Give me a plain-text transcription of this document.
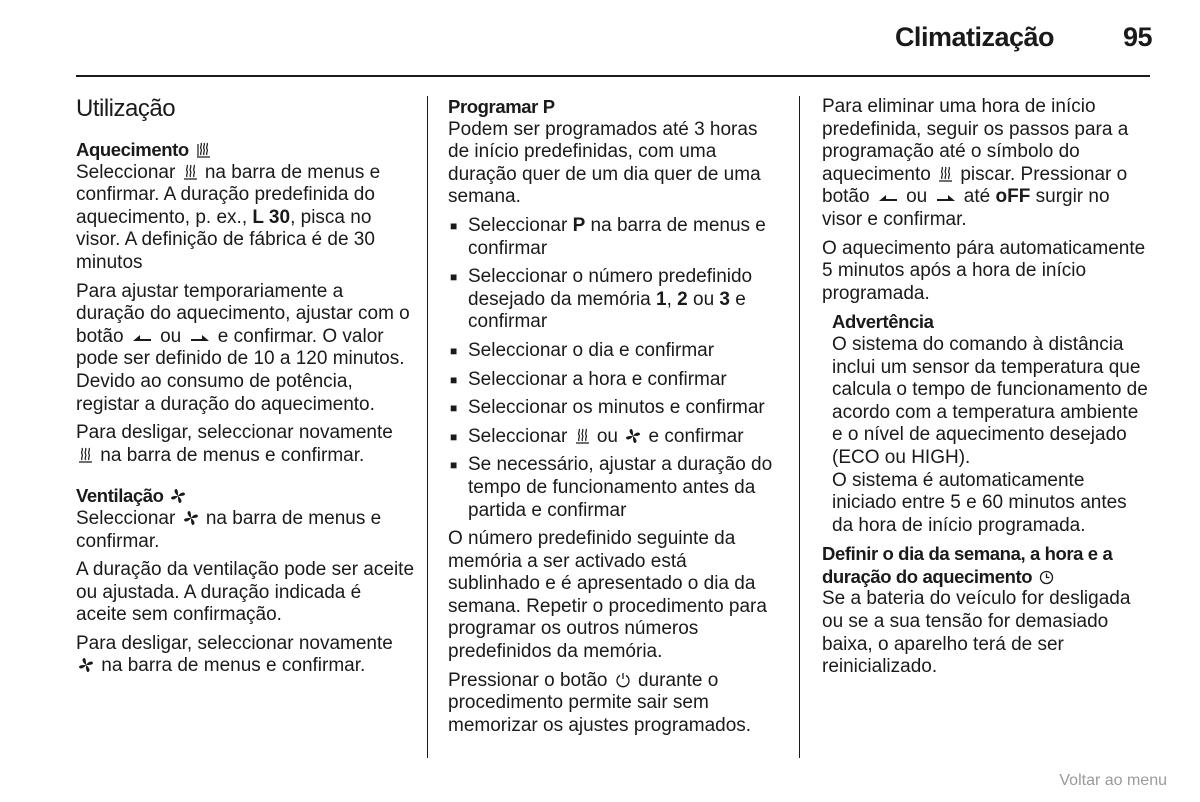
Climatização	95
Utilização
Aquecimento

Seleccionar  na barra de menus e confirmar. A duração predefinida do aquecimento, p. ex., L 30, pisca no visor. A definição de fábrica é de 30 minutos

Para ajustar temporariamente a duração do aquecimento, ajustar com o botão  ou  e confirmar. O valor pode ser definido de 10 a 120 minutos. Devido ao consumo de potência, registar a duração do aquecimento.

Para desligar, seleccionar novamente  na barra de menus e confirmar.

Ventilação

Seleccionar  na barra de menus e confirmar.

A duração da ventilação pode ser aceite ou ajustada. A duração indicada é aceite sem confirmação.

Para desligar, seleccionar novamente  na barra de menus e confirmar.

Programar P

Podem ser programados até 3 horas de início predefinidas, com uma duração quer de um dia quer de uma semana.

■ Seleccionar P na barra de menus e confirmar
■ Seleccionar o número predefinido desejado da memória 1, 2 ou 3 e confirmar
■ Seleccionar o dia e confirmar
■ Seleccionar a hora e confirmar
■ Seleccionar os minutos e confirmar
■ Seleccionar  ou  e confirmar
■ Se necessário, ajustar a duração do tempo de funcionamento antes da partida e confirmar

O número predefinido seguinte da memória a ser activado está sublinhado e é apresentado o dia da semana. Repetir o procedimento para programar os outros números predefinidos da memória.

Pressionar o botão  durante o procedimento permite sair sem memorizar os ajustes programados.

Para eliminar uma hora de início predefinida, seguir os passos para a programação até o símbolo do aquecimento  piscar. Pressionar o botão  ou  até oFF surgir no visor e confirmar.

O aquecimento pára automaticamente 5 minutos após a hora de início programada.

Advertência

O sistema do comando à distância inclui um sensor da temperatura que calcula o tempo de funcionamento de acordo com a temperatura ambiente e o nível de aquecimento desejado (ECO ou HIGH).

O sistema é automaticamente iniciado entre 5 e 60 minutos antes da hora de início programada.

Definir o dia da semana, a hora e a duração do aquecimento

Se a bateria do veículo for desligada ou se a sua tensão for demasiado baixa, o aparelho terá de ser reinicializado.

Voltar ao menu
